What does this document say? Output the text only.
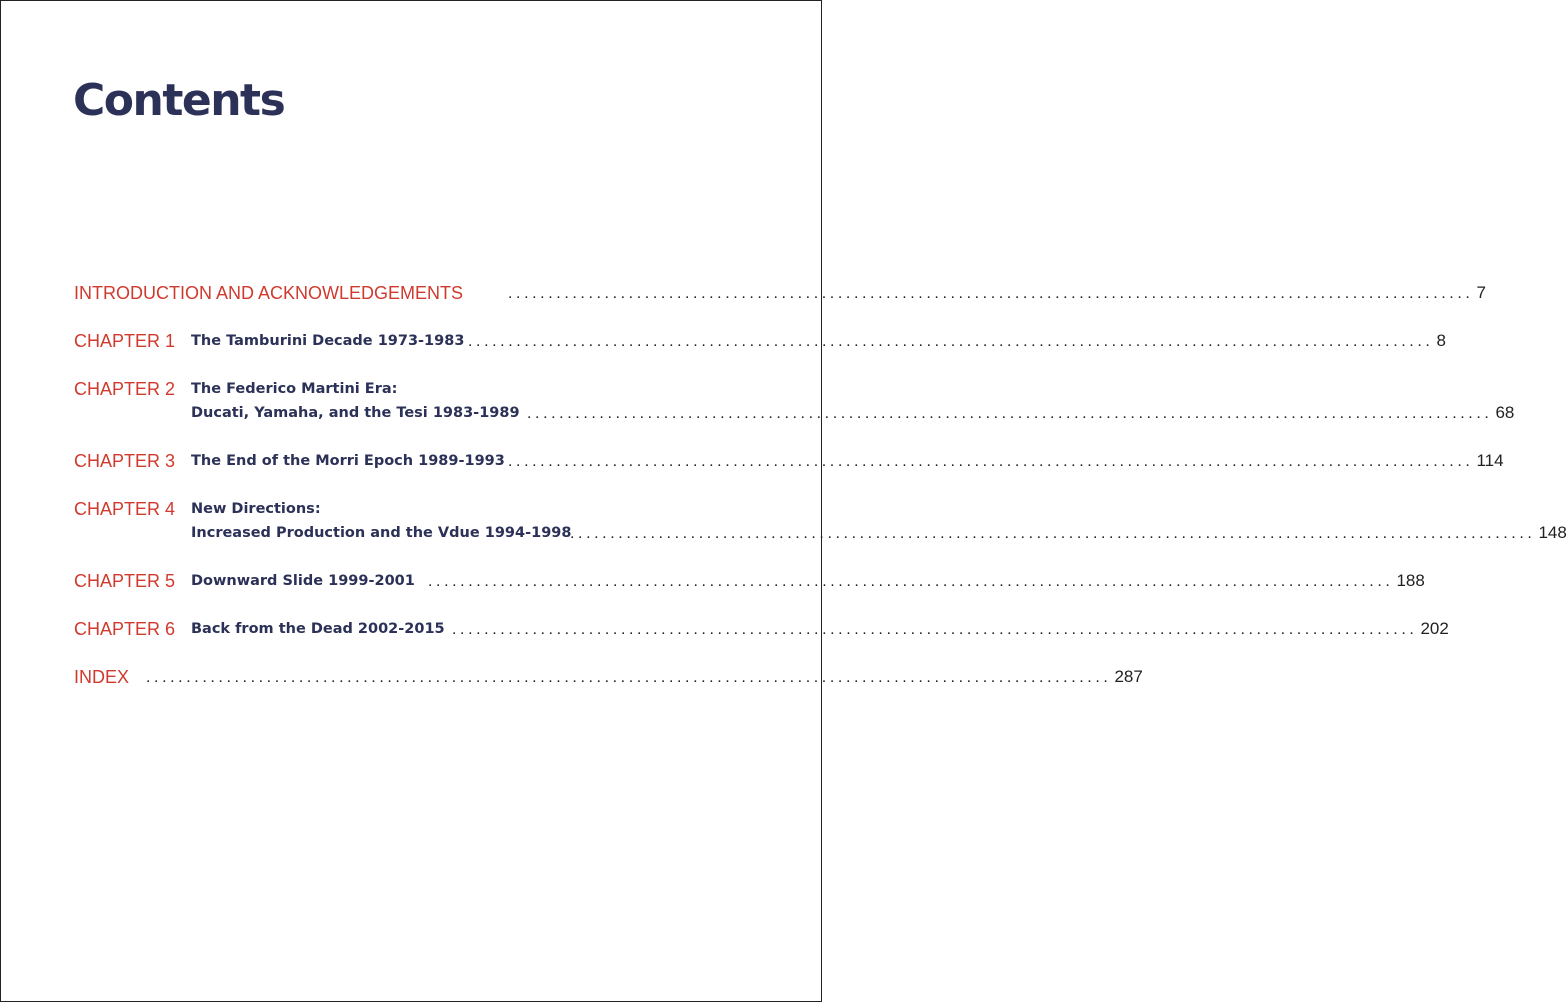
Contents
INTRODUCTION AND ACKNOWLEDGEMENTS	........................................................................................................................ 7
CHAPTER 1 The Tamburini Decade 1973-1983 ........................................................................................................................ 8
CHAPTER 2 The Federico Martini Era:
Ducati, Yamaha, and the Tesi 1983-1989 ........................................................................................................................ 68
CHAPTER 3 The End of the Morri Epoch 1989-1993 ........................................................................................................................ 114
CHAPTER 4 New Directions:
Increased Production and the Vdue 1994-1998
........................................................................................................................ 148
CHAPTER 5 Downward Slide 1999-2001 ........................................................................................................................ 188
CHAPTER 6 Back from the Dead 2002-2015 ........................................................................................................................ 202
INDEX ........................................................................................................................ 287
